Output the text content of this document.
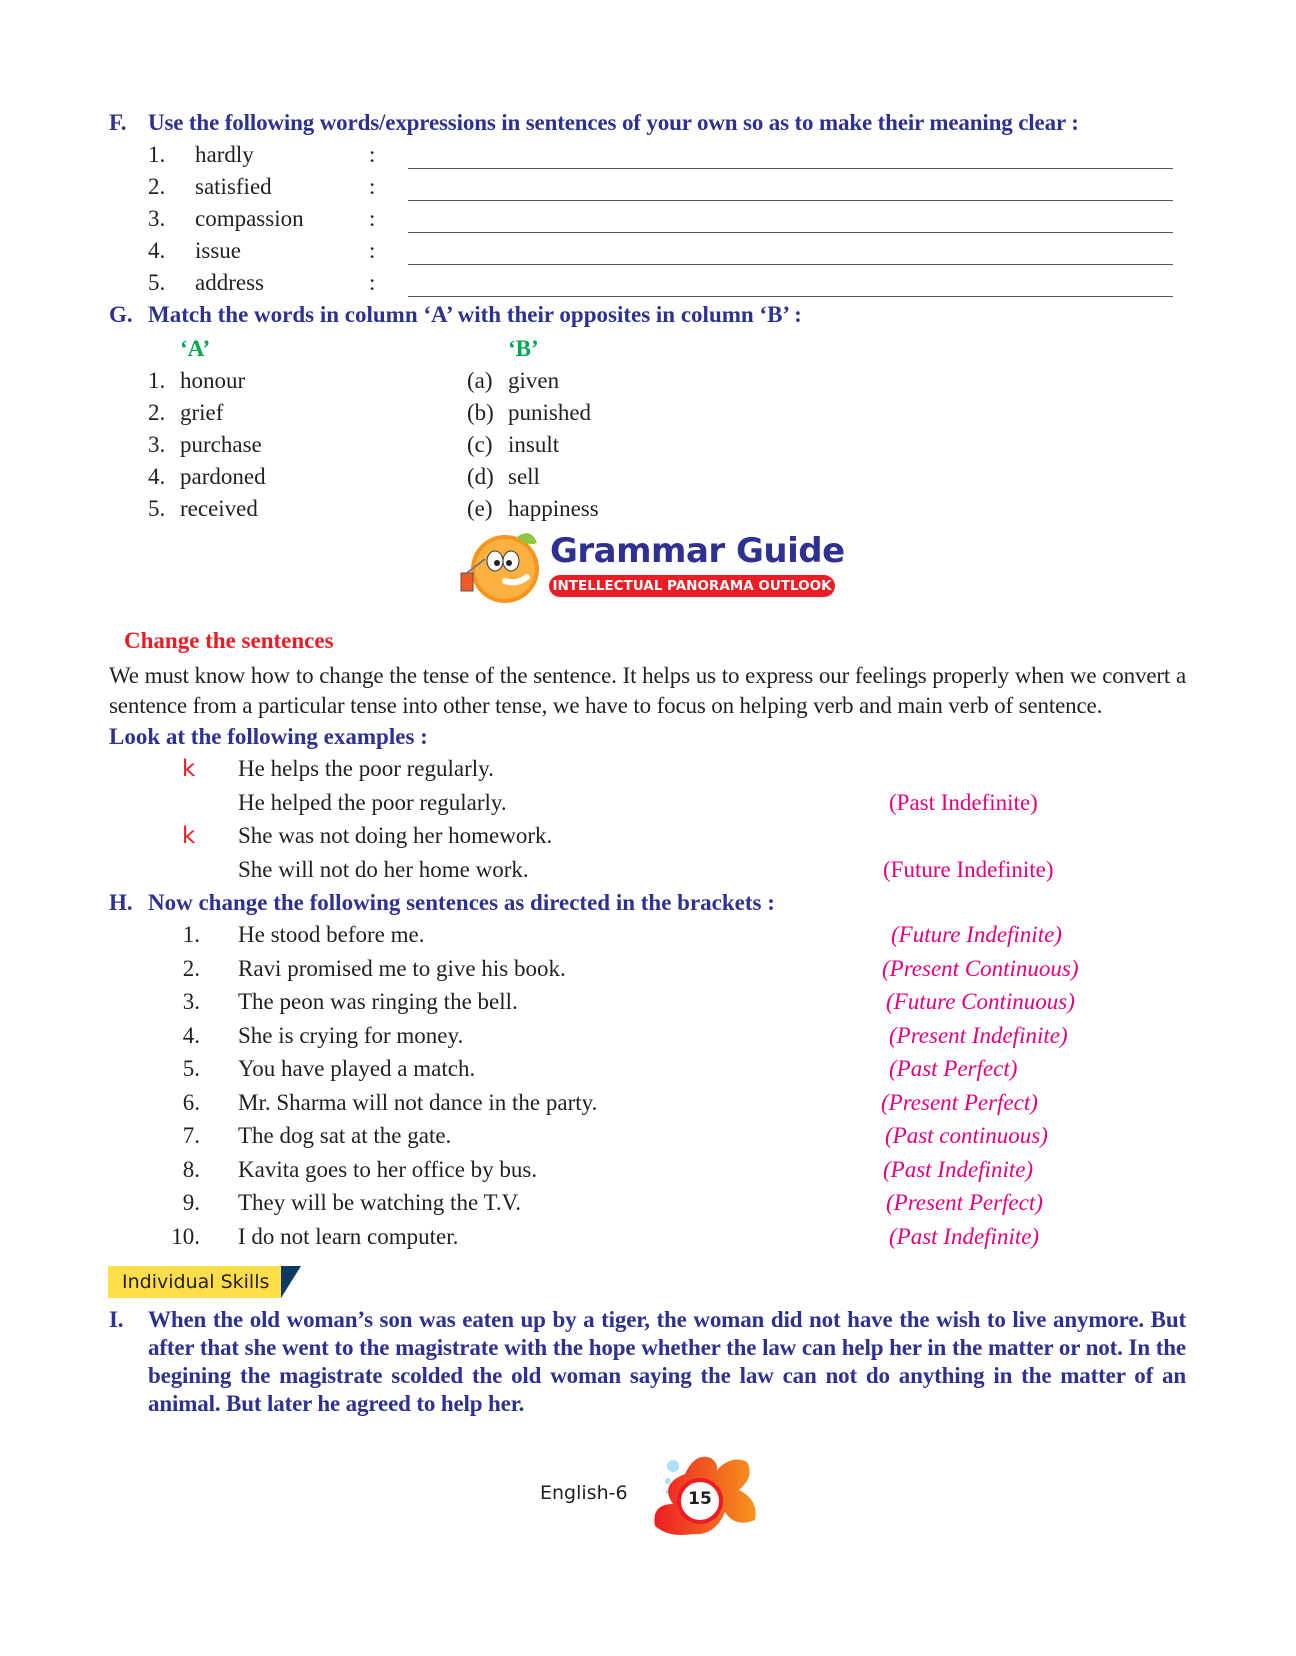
F. Use the following words/expressions in sentences of your own so as to make their meaning clear :
1. hardly	:
2. satisfied	:
3. compassion	:
4. issue	:
5. address	:
G. Match the words in column ‘A’ with their opposites in column ‘B’ :
‘A’	‘B’
1. honour	(a) given
2. grief	(b) punished
3. purchase	(c) insult
4. pardoned	(d) sell
5. received	(e) happiness
Grammar Guide
INTELLECTUAL PANORAMA OUTLOOK
Change the sentences
We must know how to change the tense of the sentence. It helps us to express our feelings properly when we convert a sentence from a particular tense into other tense, we have to focus on helping verb and main verb of sentence.
Look at the following examples :
k He helps the poor regularly.
He helped the poor regularly.	(Past Indefinite)
k She was not doing her homework.
She will not do her home work.	(Future Indefinite)
H. Now change the following sentences as directed in the brackets :
1. He stood before me.	(Future Indefinite)
2. Ravi promised me to give his book.	(Present Continuous)
3. The peon was ringing the bell.	(Future Continuous)
4. She is crying for money.	(Present Indefinite)
5. You have played a match.	(Past Perfect)
6. Mr. Sharma will not dance in the party.	(Present Perfect)
7. The dog sat at the gate.	(Past continuous)
8. Kavita goes to her office by bus.	(Past Indefinite)
9. They will be watching the T.V.	(Present Perfect)
10. I do not learn computer.	(Past Indefinite)
Individual Skills
I. When the old woman’s son was eaten up by a tiger, the woman did not have the wish to live anymore. But after that she went to the magistrate with the hope whether the law can help her in the matter or not. In the begining the magistrate scolded the old woman saying the law can not do anything in the matter of an animal. But later he agreed to help her.
English-6	15
